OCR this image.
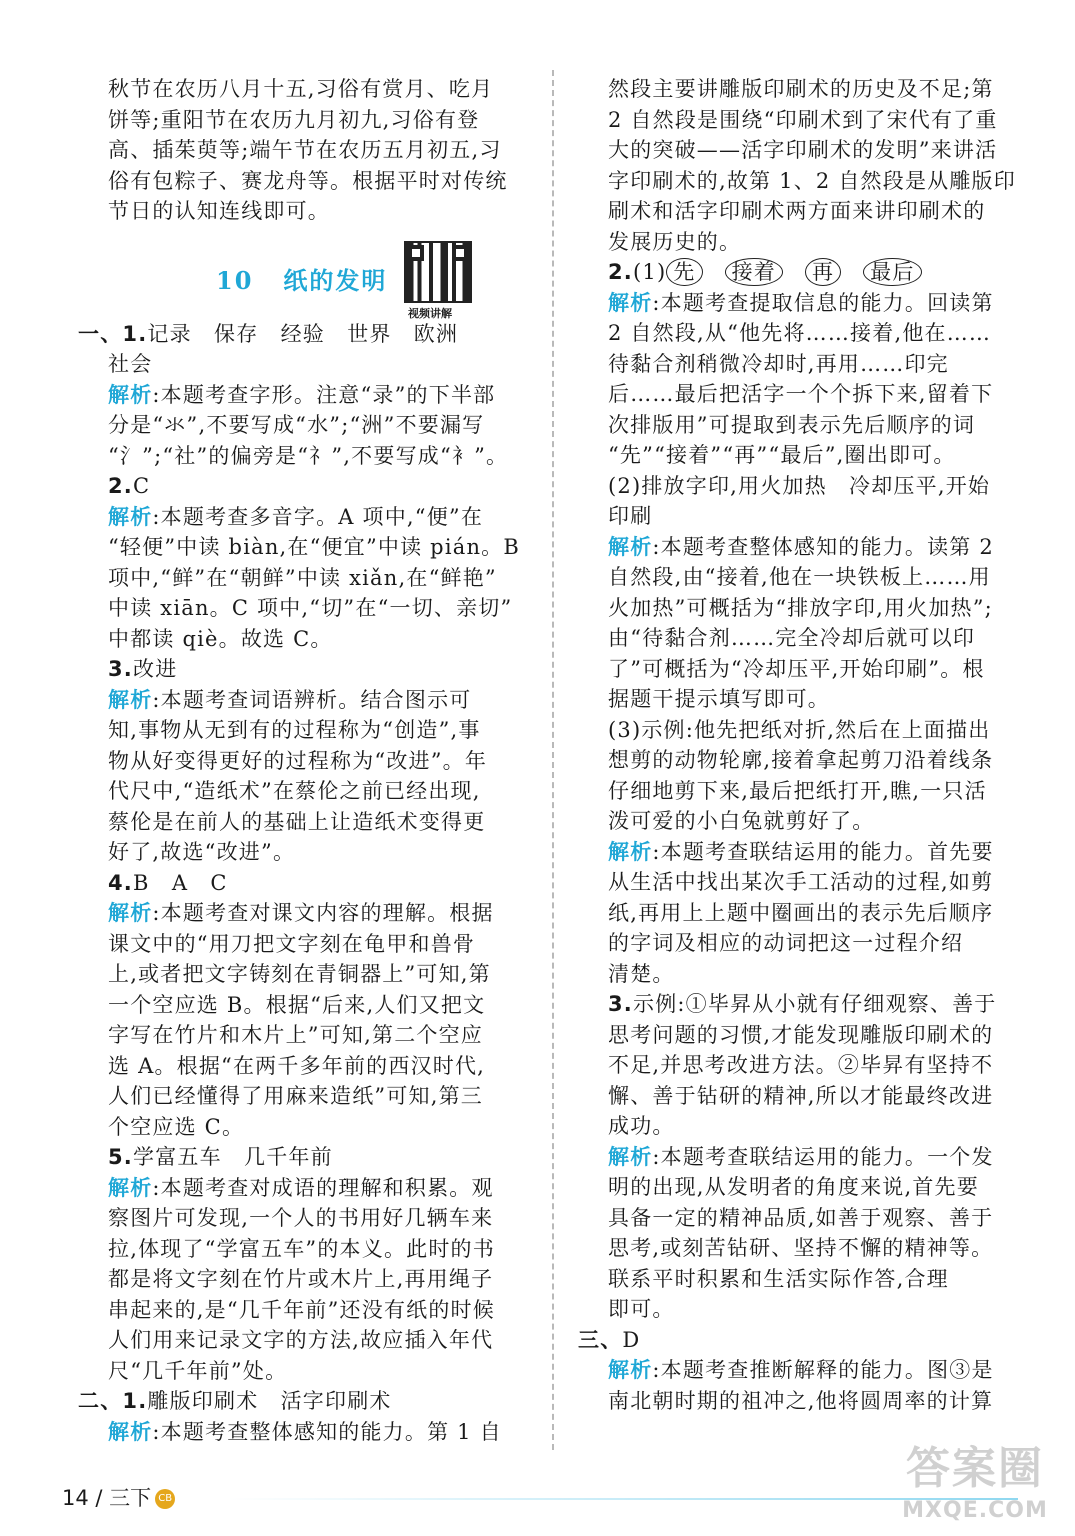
秋节在农历八月十五,习俗有赏月、吃月
饼等;重阳节在农历九月初九,习俗有登
高、插茱萸等;端午节在农历五月初五,习
俗有包粽子、赛龙舟等。根据平时对传统
节日的认知连线即可。
10 纸的发明
视频讲解
一、1.记录　保存　经验　世界　欧洲
社会
解析:本题考查字形。注意“录”的下半部
分是“氺”,不要写成“水”;“洲”不要漏写
“氵”;“社”的偏旁是“礻”,不要写成“衤”。
2.C
解析:本题考查多音字。A 项中,“便”在
“轻便”中读 biàn,在“便宜”中读 pián。B
项中,“鲜”在“朝鲜”中读 xiǎn,在“鲜艳”
中读 xiān。C 项中,“切”在“一切、亲切”
中都读 qiè。故选 C。
3.改进
解析:本题考查词语辨析。结合图示可
知,事物从无到有的过程称为“创造”,事
物从好变得更好的过程称为“改进”。年
代尺中,“造纸术”在蔡伦之前已经出现,
蔡伦是在前人的基础上让造纸术变得更
好了,故选“改进”。
4.B　A　C
解析:本题考查对课文内容的理解。根据
课文中的“用刀把文字刻在龟甲和兽骨
上,或者把文字铸刻在青铜器上”可知,第
一个空应选 B。根据“后来,人们又把文
字写在竹片和木片上”可知,第二个空应
选 A。根据“在两千多年前的西汉时代,
人们已经懂得了用麻来造纸”可知,第三
个空应选 C。
5.学富五车　几千年前
解析:本题考查对成语的理解和积累。观
察图片可发现,一个人的书用好几辆车来
拉,体现了“学富五车”的本义。此时的书
都是将文字刻在竹片或木片上,再用绳子
串起来的,是“几千年前”还没有纸的时候
人们用来记录文字的方法,故应插入年代
尺“几千年前”处。
二、1.雕版印刷术　活字印刷术
解析:本题考查整体感知的能力。第 1 自
然段主要讲雕版印刷术的历史及不足;第
2 自然段是围绕“印刷术到了宋代有了重
大的突破——活字印刷术的发明”来讲活
字印刷术的,故第 1、2 自然段是从雕版印
刷术和活字印刷术两方面来讲印刷术的
发展历史的。
2.(1) 先 接着 再 最后
解析:本题考查提取信息的能力。回读第
2 自然段,从“他先将……接着,他在……
待黏合剂稍微冷却时,再用……印完
后……最后把活字一个个拆下来,留着下
次排版用”可提取到表示先后顺序的词
“先”“接着”“再”“最后”,圈出即可。
(2)排放字印,用火加热　冷却压平,开始
印刷
解析:本题考查整体感知的能力。读第 2
自然段,由“接着,他在一块铁板上……用
火加热”可概括为“排放字印,用火加热”;
由“待黏合剂……完全冷却后就可以印
了”可概括为“冷却压平,开始印刷”。根
据题干提示填写即可。
(3)示例:他先把纸对折,然后在上面描出
想剪的动物轮廓,接着拿起剪刀沿着线条
仔细地剪下来,最后把纸打开,瞧,一只活
泼可爱的小白兔就剪好了。
解析:本题考查联结运用的能力。首先要
从生活中找出某次手工活动的过程,如剪
纸,再用上上题中圈画出的表示先后顺序
的字词及相应的动词把这一过程介绍
清楚。
3.示例:①毕昇从小就有仔细观察、善于
思考问题的习惯,才能发现雕版印刷术的
不足,并思考改进方法。②毕昇有坚持不
懈、善于钻研的精神,所以才能最终改进
成功。
解析:本题考查联结运用的能力。一个发
明的出现,从发明者的角度来说,首先要
具备一定的精神品质,如善于观察、善于
思考,或刻苦钻研、坚持不懈的精神等。
联系平时积累和生活实际作答,合理
即可。
三、D
解析:本题考查推断解释的能力。图③是
南北朝时期的祖冲之,他将圆周率的计算
14 / 三下 CB
答案圈
MXQE.COM
